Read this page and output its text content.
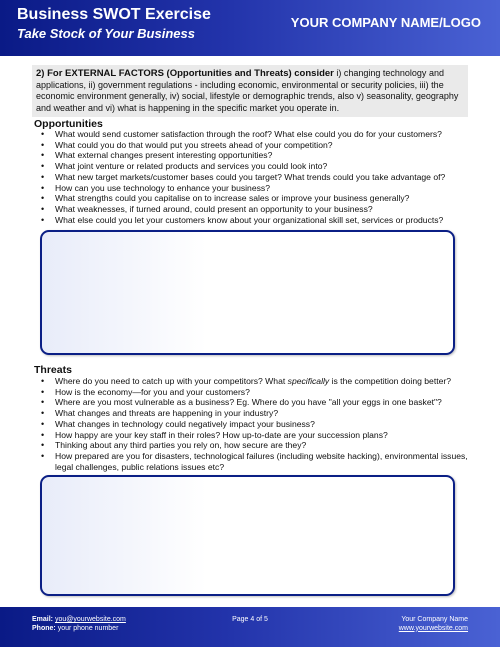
Business SWOT Exercise
Take Stock of Your Business
YOUR COMPANY NAME/LOGO
2) For EXTERNAL FACTORS (Opportunities and Threats) consider i) changing technology and applications, ii) government regulations - including economic, environmental or security policies, iii) the economic environment generally, iv) social, lifestyle or demographic trends, also v) seasonality, geography and weather and vi) what is happening in the specific market you operate in.
Opportunities
• What would send customer satisfaction through the roof? What else could you do for your customers?
• What could you do that would put you streets ahead of your competition?
• What external changes present interesting opportunities?
• What joint venture or related products and services you could look into?
• What new target markets/customer bases could you target? What trends could you take advantage of?
• How can you use technology to enhance your business?
• What strengths could you capitalise on to increase sales or improve your business generally?
• What weaknesses, if turned around, could present an opportunity to your business?
• What else could you let your customers know about your organizational skill set, services or products?
Threats
• Where do you need to catch up with your competitors? What specifically is the competition doing better?
• How is the economy—for you and your customers?
• Where are you most vulnerable as a business? Eg. Where do you have "all your eggs in one basket"?
• What changes and threats are happening in your industry?
• What changes in technology could negatively impact your business?
• How happy are your key staff in their roles? How up-to-date are your succession plans?
• Thinking about any third parties you rely on, how secure are they?
• How prepared are you for disasters, technological failures (including website hacking), environmental issues, legal challenges, public relations issues etc?
Email: you@yourwebsite.com
Phone: your phone number
Page 4 of 5	Your Company Name
www.yourwebsite.com
